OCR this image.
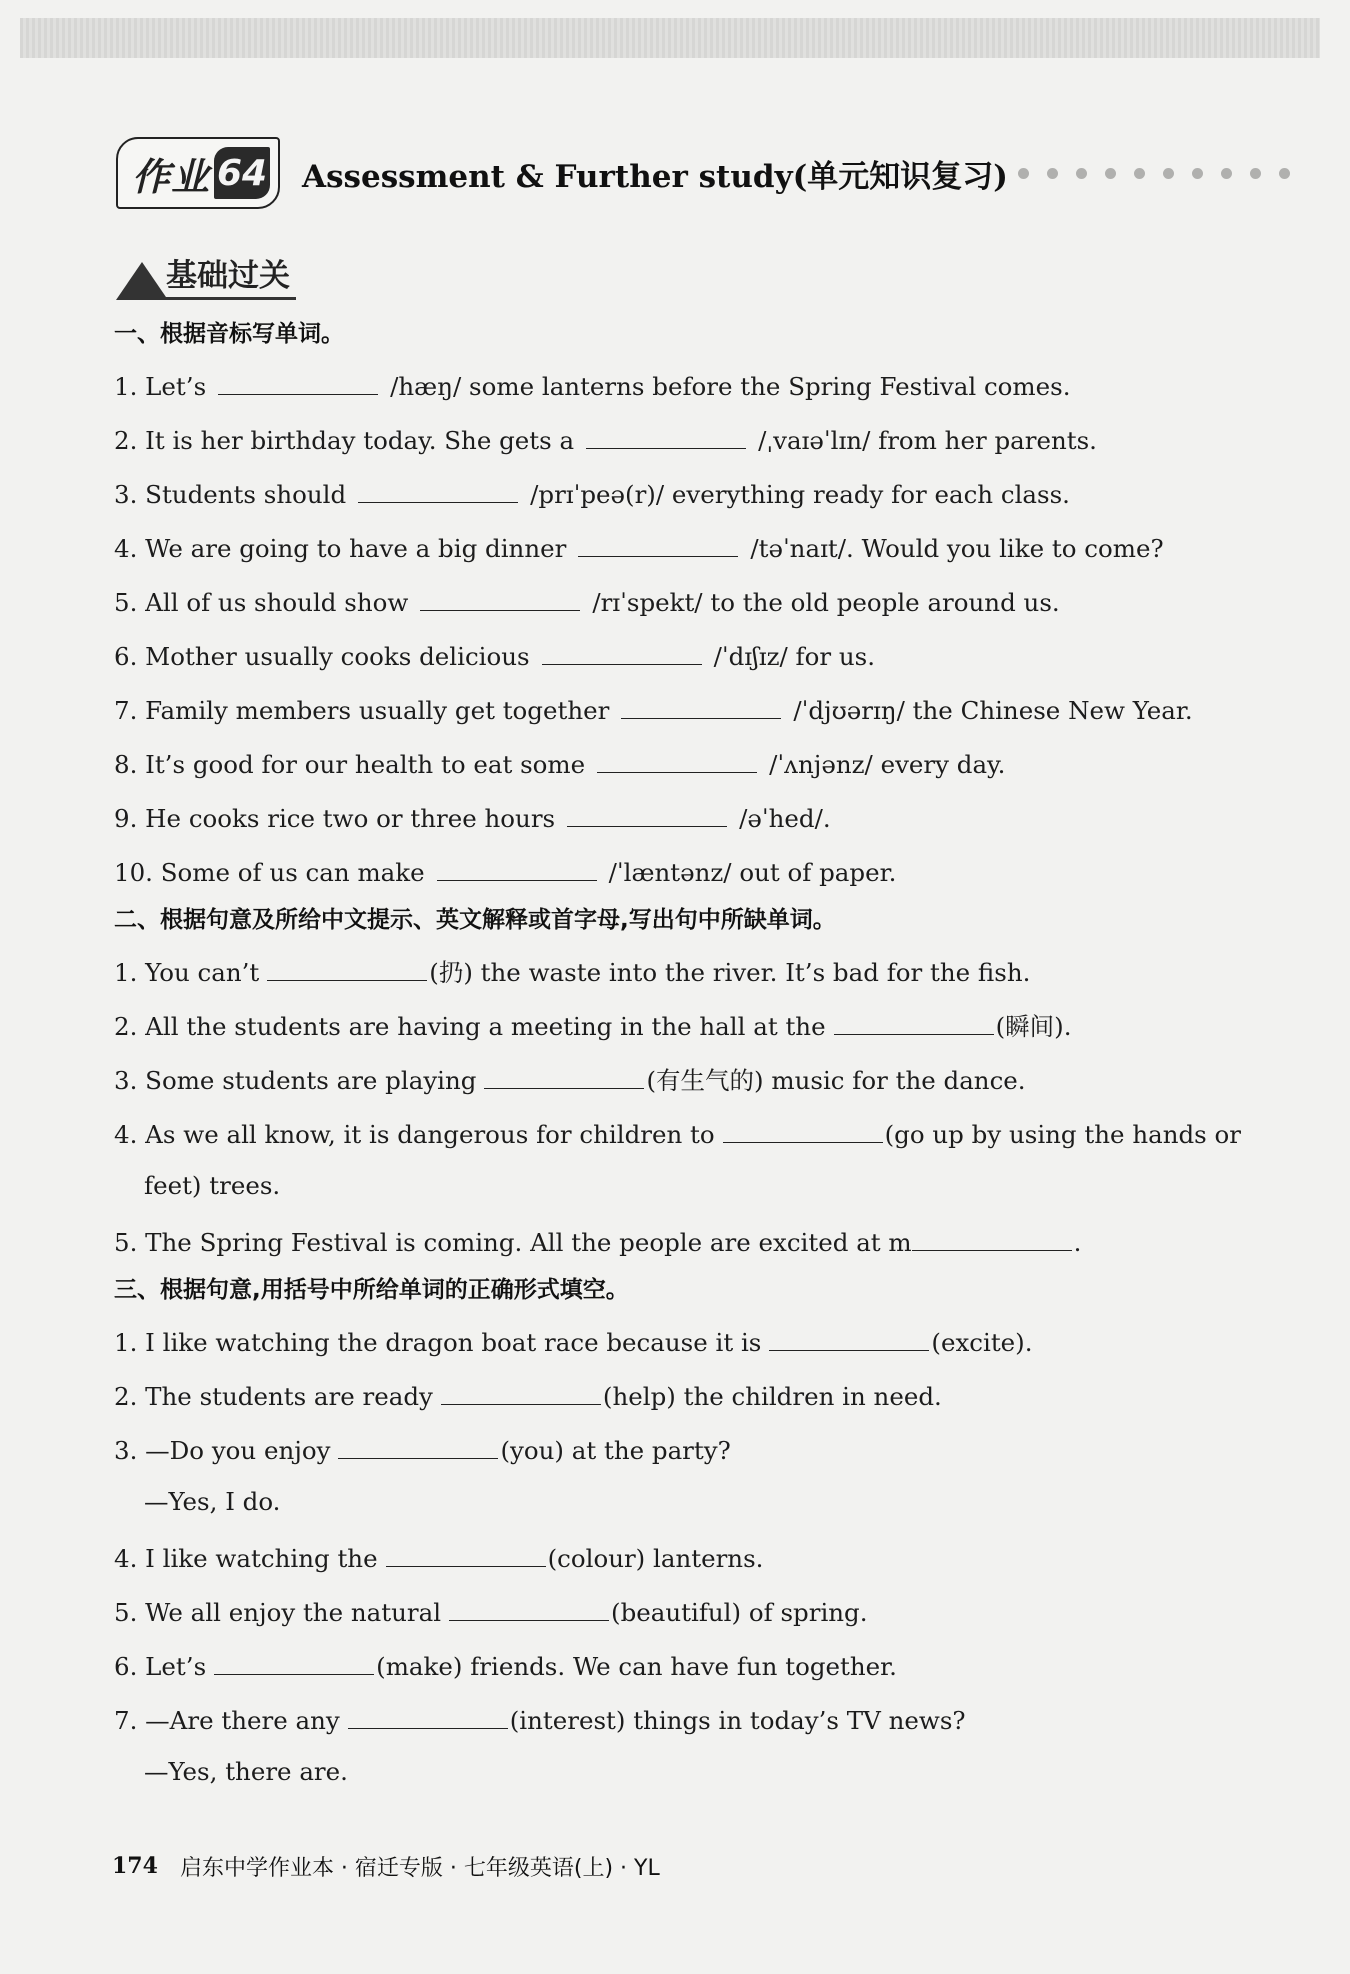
作业 64 Assessment & Further study(单元知识复习)
基础过关
一、根据音标写单词。
1. Let’s	/hæŋ/ some lanterns before the Spring Festival comes.
2. It is her birthday today. She gets a	/ˌvaɪəˈlɪn/ from her parents.
3. Students should	/prɪˈpeə(r)/ everything ready for each class.
4. We are going to have a big dinner	/təˈnaɪt/. Would you like to come?
5. All of us should show	/rɪˈspekt/ to the old people around us.
6. Mother usually cooks delicious	/ˈdɪʃɪz/ for us.
7. Family members usually get together	/ˈdjʊərɪŋ/ the Chinese New Year.
8. It’s good for our health to eat some	/ˈʌnjənz/ every day.
9. He cooks rice two or three hours	/əˈhed/.
10. Some of us can make	/ˈlæntənz/ out of paper.
二、根据句意及所给中文提示、英文解释或首字母,写出句中所缺单词。
1. You can’t	(扔) the waste into the river. It’s bad for the fish.
2. All the students are having a meeting in the hall at the	(瞬间).
3. Some students are playing	(有生气的) music for the dance.
4. As we all know, it is dangerous for children to	(go up by using the hands or
feet) trees.
5. The Spring Festival is coming. All the people are excited at m	.
三、根据句意,用括号中所给单词的正确形式填空。
1. I like watching the dragon boat race because it is	(excite).
2. The students are ready	(help) the children in need.
3. —Do you enjoy	(you) at the party?
—Yes, I do.
4. I like watching the	(colour) lanterns.
5. We all enjoy the natural	(beautiful) of spring.
6. Let’s	(make) friends. We can have fun together.
7. —Are there any	(interest) things in today’s TV news?
—Yes, there are.
174 启东中学作业本 · 宿迁专版 · 七年级英语(上) · YL
